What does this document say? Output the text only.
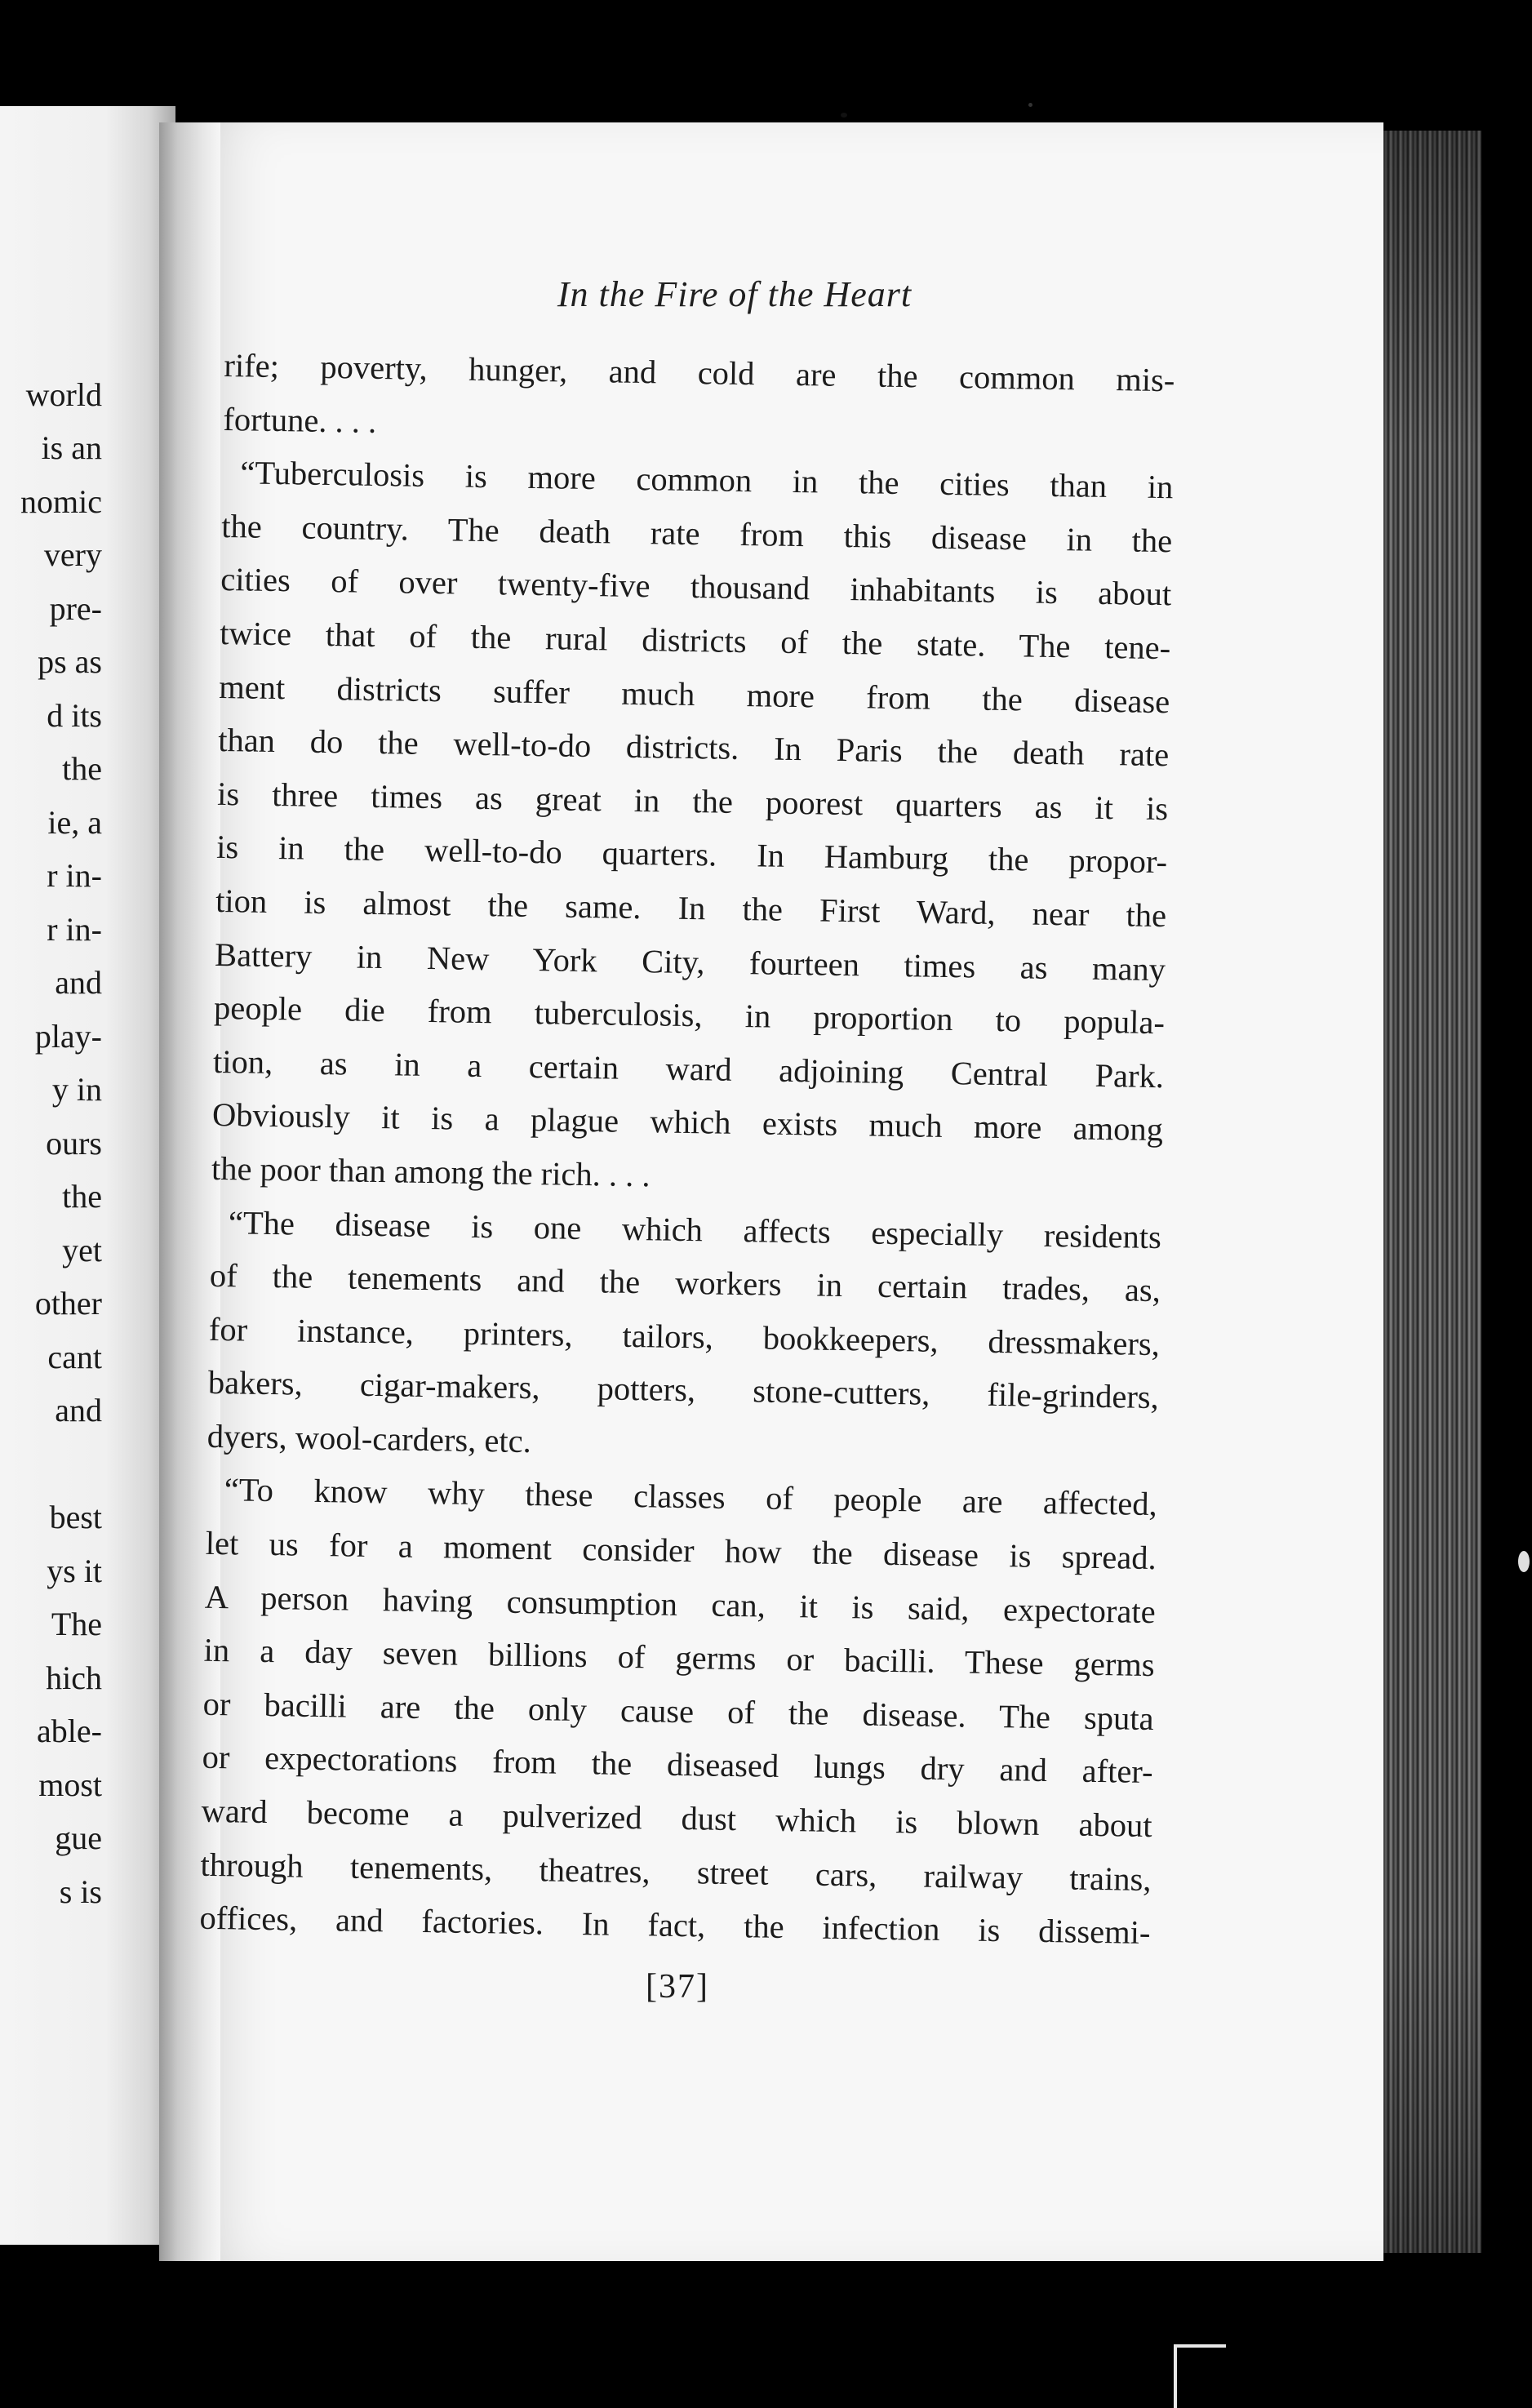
world
is an
nomic
very
pre-
ps as
d its
the
ie, a
r in-
r in-
and
play-
y in
ours
the
yet
other
cant
and

best
ys it
The
hich
able-
most
gue
s is

In the Fire of the Heart
rife; poverty, hunger, and cold are the common mis-
fortune. . . .
“Tuberculosis is more common in the cities than in
the country. The death rate from this disease in the
cities of over twenty-five thousand inhabitants is about
twice that of the rural districts of the state. The tene-
ment districts suffer much more from the disease
than do the well-to-do districts. In Paris the death rate
is three times as great in the poorest quarters as it is
is in the well-to-do quarters. In Hamburg the propor-
tion is almost the same. In the First Ward, near the
Battery in New York City, fourteen times as many
people die from tuberculosis, in proportion to popula-
tion, as in a certain ward adjoining Central Park.
Obviously it is a plague which exists much more among
the poor than among the rich. . . .
“The disease is one which affects especially residents
of the tenements and the workers in certain trades, as,
for instance, printers, tailors, bookkeepers, dressmakers,
bakers, cigar-makers, potters, stone-cutters, file-grinders,
dyers, wool-carders, etc.
“To know why these classes of people are affected,
let us for a moment consider how the disease is spread.
A person having consumption can, it is said, expectorate
in a day seven billions of germs or bacilli. These germs
or bacilli are the only cause of the disease. The sputa
or expectorations from the diseased lungs dry and after-
ward become a pulverized dust which is blown about
through tenements, theatres, street cars, railway trains,
offices, and factories. In fact, the infection is dissemi-
[37]
